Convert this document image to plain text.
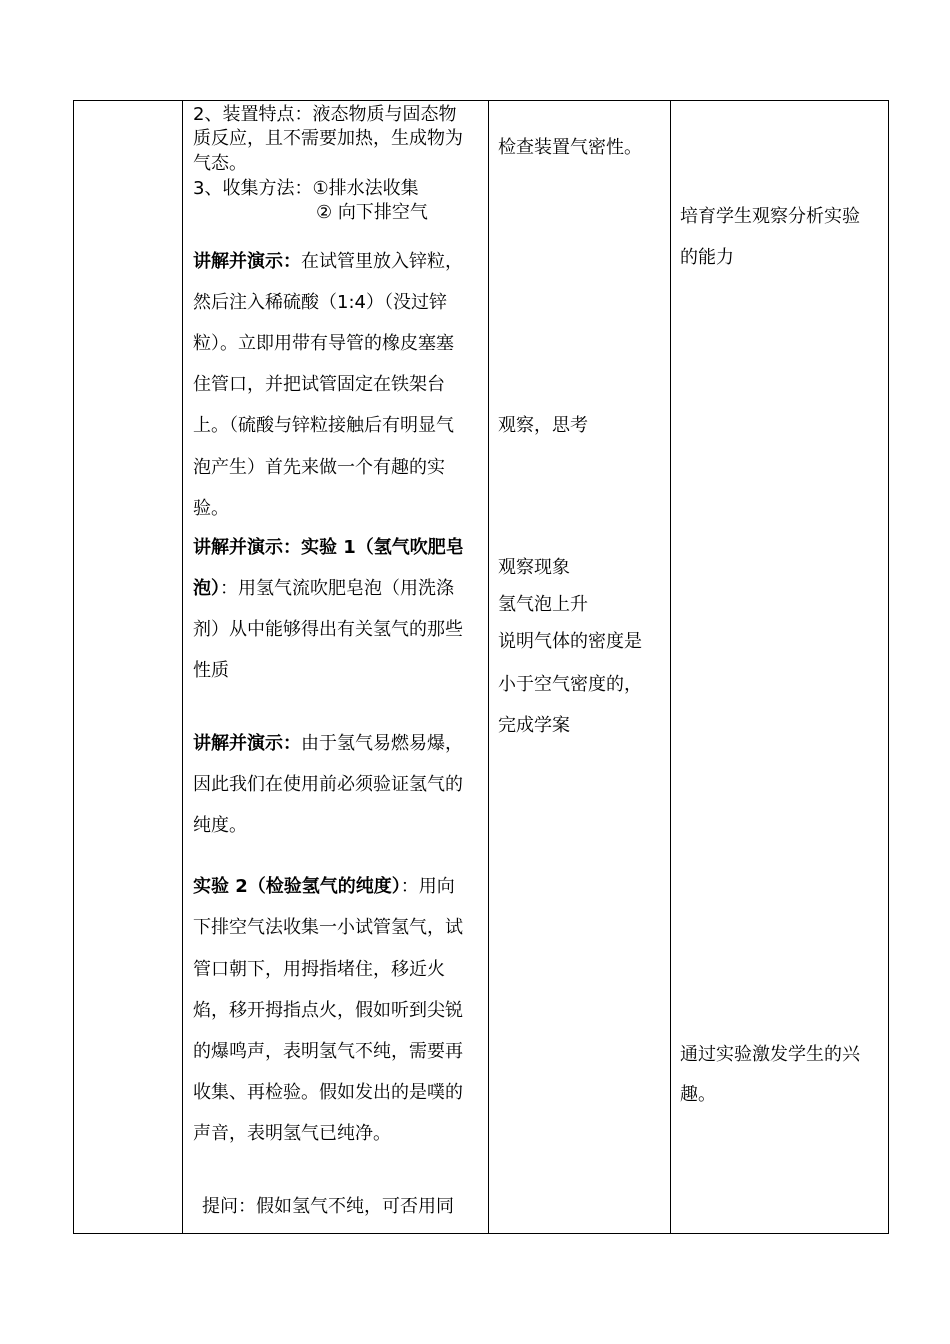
2、装置特点：液态物质与固态物
质反应，且不需要加热，生成物为
气态。
3、收集方法：①排水法收集
② 向下排空气
讲解并演示：在试管里放入锌粒，
然后注入稀硫酸（1:4）（没过锌
粒）。立即用带有导管的橡皮塞塞
住管口，并把试管固定在铁架台
上。（硫酸与锌粒接触后有明显气
泡产生）首先来做一个有趣的实
验。
讲解并演示：实验 1（氢气吹肥皂
泡）：用氢气流吹肥皂泡（用洗涤
剂）从中能够得出有关氢气的那些
性质
讲解并演示：由于氢气易燃易爆，
因此我们在使用前必须验证氢气的
纯度。
实验 2（检验氢气的纯度）：用向
下排空气法收集一小试管氢气，试
管口朝下，用拇指堵住，移近火
焰，移开拇指点火，假如听到尖锐
的爆鸣声，表明氢气不纯，需要再
收集、再检验。假如发出的是噗的
声音，表明氢气已纯净。
提问：假如氢气不纯，可否用同
检查装置气密性。
观察，思考
观察现象
氢气泡上升
说明气体的密度是
小于空气密度的，
完成学案
培育学生观察分析实验
的能力
通过实验激发学生的兴
趣。
